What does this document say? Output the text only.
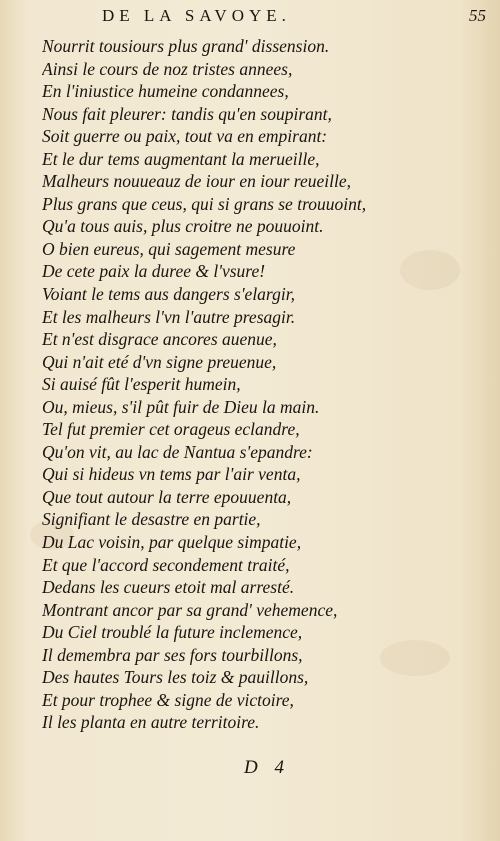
DE LA SAVOYE.	55
Nourrit tousiours plus grand' dissension.
Ainsi le cours de noz tristes annees,
En l'iniustice humeine condannees,
Nous fait pleurer: tandis qu'en soupirant,
Soit guerre ou paix, tout va en empirant:
Et le dur tems augmentant la merueille,
Malheurs nouueauz de iour en iour reueille,
Plus grans que ceus, qui si grans se trouuoint,
Qu'a tous auis, plus croitre ne pouuoint.
O bien eureus, qui sagement mesure
De cete paix la duree & l'vsure!
Voiant le tems aus dangers s'elargir,
Et les malheurs l'vn l'autre presagir.
Et n'est disgrace ancores auenue,
Qui n'ait eté d'vn signe preuenue,
Si auisé fût l'esperit humein,
Ou, mieus, s'il pût fuir de Dieu la main.
Tel fut premier cet orageus eclandre,
Qu'on vit, au lac de Nantua s'epandre:
Qui si hideus vn tems par l'air venta,
Que tout autour la terre epouuenta,
Signifiant le desastre en partie,
Du Lac voisin, par quelque simpatie,
Et que l'accord secondement traité,
Dedans les cueurs etoit mal arresté.
Montrant ancor par sa grand' vehemence,
Du Ciel troublé la future inclemence,
Il demembra par ses fors tourbillons,
Des hautes Tours les toiz & pauillons,
Et pour trophee & signe de victoire,
Il les planta en autre territoire.
D 4
